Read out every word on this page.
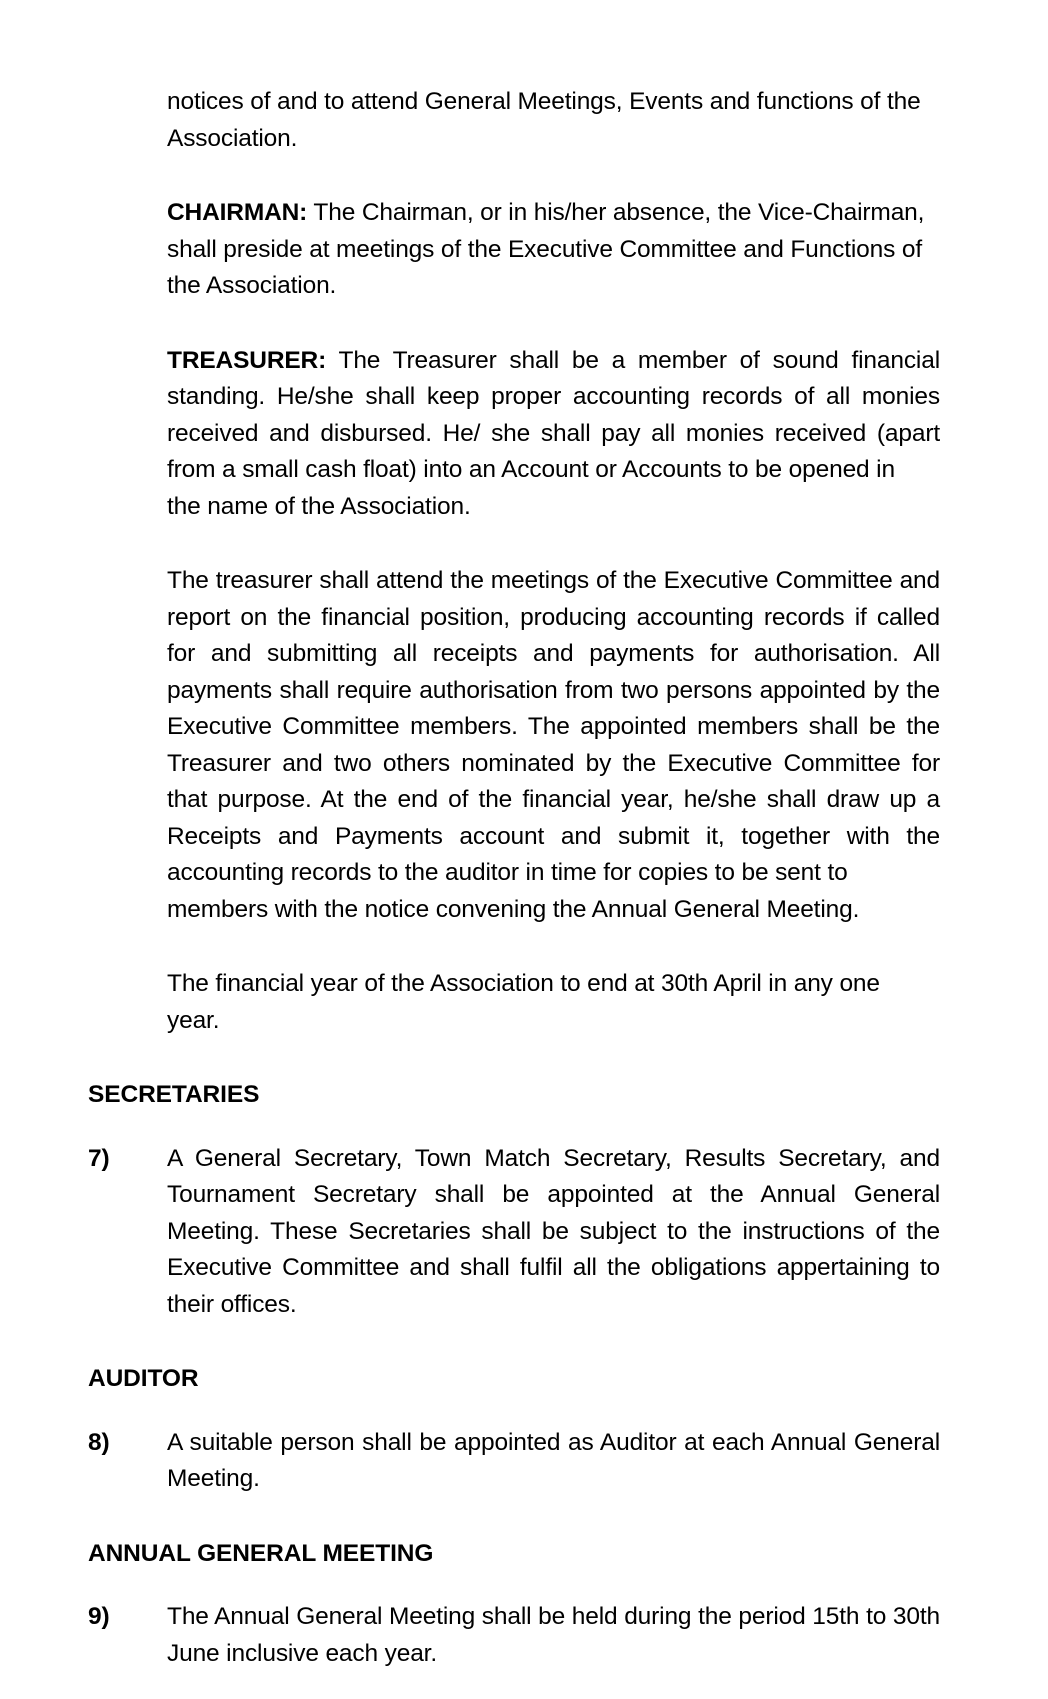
notices of and to attend General Meetings, Events and functions of the Association.

CHAIRMAN: The Chairman, or in his/her absence, the Vice-Chairman, shall preside at meetings of the Executive Committee and Functions of the Association.

TREASURER: The Treasurer shall be a member of sound financial standing. He/she shall keep proper accounting records of all monies received and disbursed. He/ she shall pay all monies received (apart from a small cash float) into an Account or Accounts to be opened in
the name of the Association.

The treasurer shall attend the meetings of the Executive Committee and report on the financial position, producing accounting records if called for and submitting all receipts and payments for authorisation. All payments shall require authorisation from two persons appointed by the Executive Committee members. The appointed members shall be the Treasurer and two others nominated by the Executive Committee for that purpose. At the end of the financial year, he/she shall draw up a Receipts and Payments account and submit it, together with the accounting records to the auditor in time for copies to be sent to
members with the notice convening the Annual General Meeting.

The financial year of the Association to end at 30th April in any one
year.

SECRETARIES
7)	A General Secretary, Town Match Secretary, Results Secretary, and Tournament Secretary shall be appointed at the Annual General Meeting. These Secretaries shall be subject to the instructions of the Executive Committee and shall fulfil all the obligations appertaining to their offices.
AUDITOR
8)	A suitable person shall be appointed as Auditor at each Annual General Meeting.
ANNUAL GENERAL MEETING
9)	The Annual General Meeting shall be held during the period 15th to 30th June inclusive each year.
